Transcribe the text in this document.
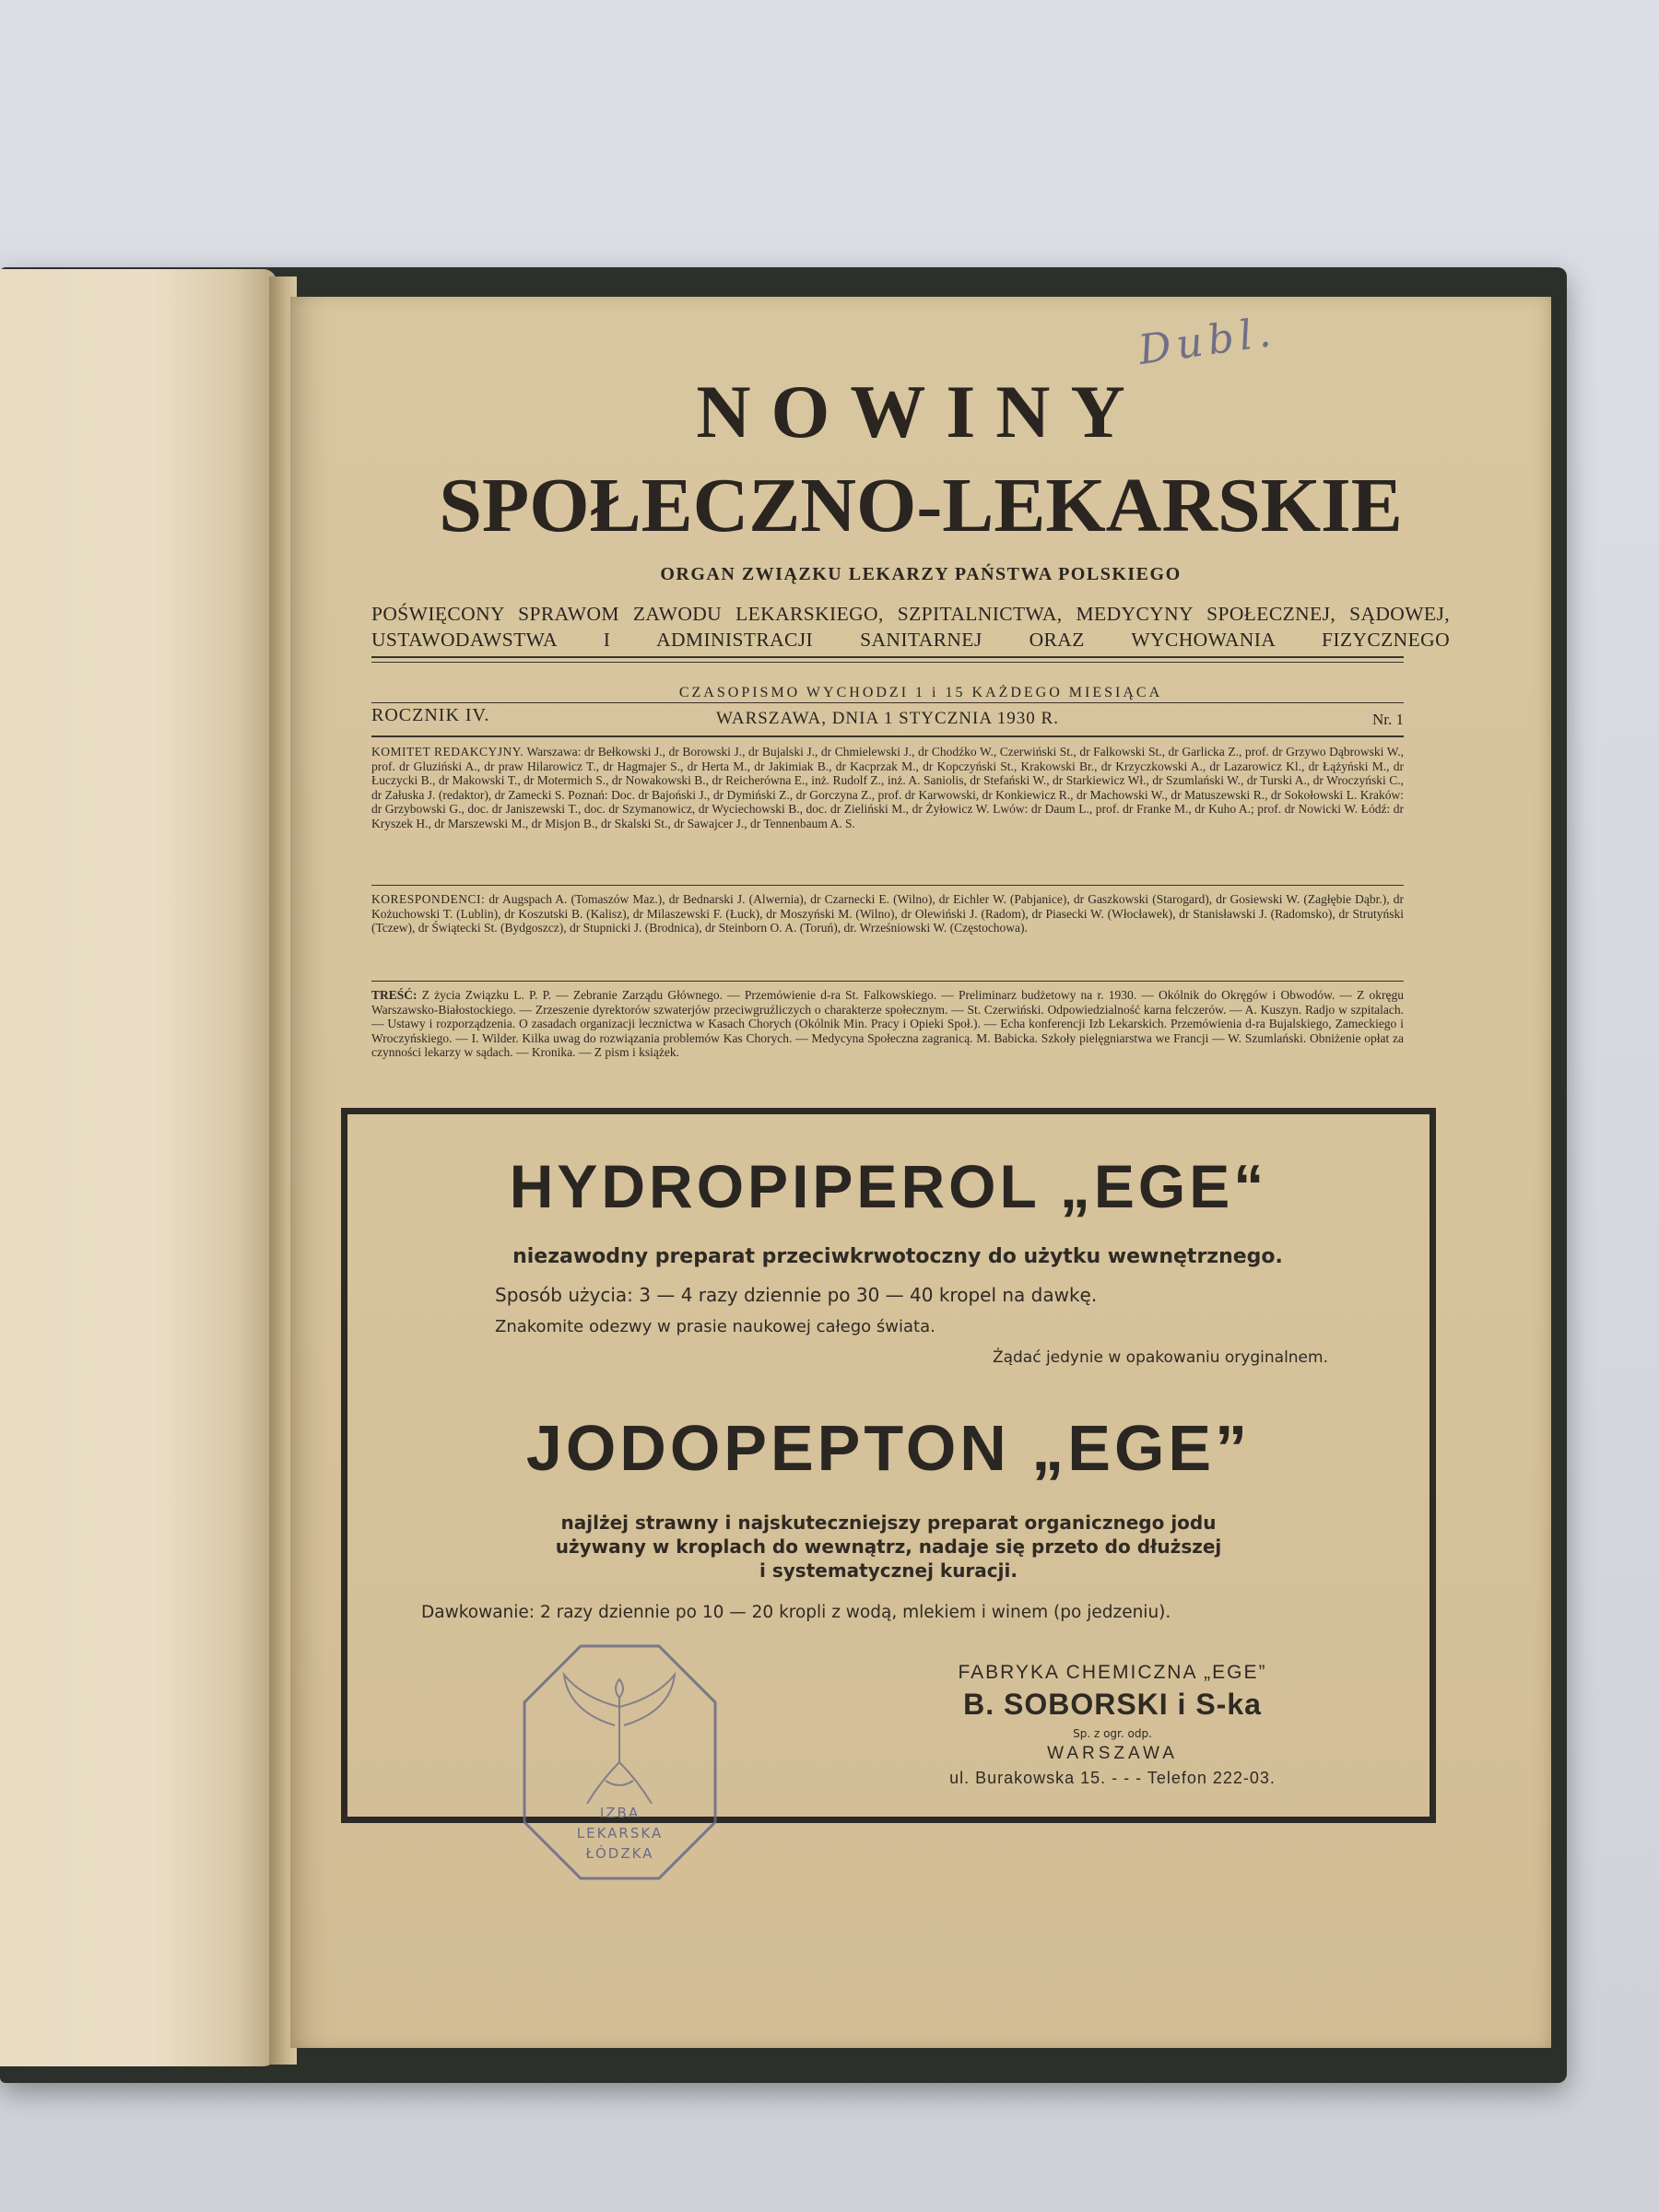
Dubl.
NOWINY
SPOŁECZNO-LEKARSKIE
ORGAN ZWIĄZKU LEKARZY PAŃSTWA POLSKIEGO
POŚWIĘCONY SPRAWOM ZAWODU LEKARSKIEGO, SZPITALNICTWA, MEDYCYNY SPOŁECZNEJ, SĄDOWEJ, USTAWODAWSTWA I ADMINISTRACJI SANITARNEJ ORAZ WYCHOWANIA FIZYCZNEGO
CZASOPISMO WYCHODZI 1 i 15 KAŻDEGO MIESIĄCA
ROCZNIK IV.	WARSZAWA, DNIA 1 STYCZNIA 1930 R.	Nr. 1
KOMITET REDAKCYJNY. Warszawa: dr Bełkowski J., dr Borowski J., dr Bujalski J., dr Chmielewski J., dr Chodźko W., Czerwiński St., dr Falkowski St., dr Garlicka Z., prof. dr Grzywo Dąbrowski W., prof. dr Gluziński A., dr praw Hilarowicz T., dr Hagmajer S., dr Herta M., dr Jakimiak B., dr Kacprzak M., dr Kopczyński St., Krakowski Br., dr Krzyczkowski A., dr Lazarowicz Kl., dr Łążyński M., dr Łuczycki B., dr Makowski T., dr Motermich S., dr Nowakowski B., dr Reicherówna E., inż. Rudolf Z., inż. A. Saniolis, dr Stefański W., dr Starkiewicz Wł., dr Szumlański W., dr Turski A., dr Wroczyński C., dr Załuska J. (redaktor), dr Zamecki S. Poznań: Doc. dr Bajoński J., dr Dymiński Z., dr Gorczyna Z., prof. dr Karwowski, dr Konkiewicz R., dr Machowski W., dr Matuszewski R., dr Sokołowski L. Kraków: dr Grzybowski G., doc. dr Janiszewski T., doc. dr Szymanowicz, dr Wyciechowski B., doc. dr Zieliński M., dr Żyłowicz W. Lwów: dr Daum L., prof. dr Franke M., dr Kuho A.; prof. dr Nowicki W. Łódź: dr Kryszek H., dr Marszewski M., dr Misjon B., dr Skalski St., dr Sawajcer J., dr Tennenbaum A. S.
KORESPONDENCI: dr Augspach A. (Tomaszów Maz.), dr Bednarski J. (Alwernia), dr Czarnecki E. (Wilno), dr Eichler W. (Pabjanice), dr Gaszkowski (Starogard), dr Gosiewski W. (Zagłębie Dąbr.), dr Kożuchowski T. (Lublin), dr Koszutski B. (Kalisz), dr Milaszewski F. (Łuck), dr Moszyński M. (Wilno), dr Olewiński J. (Radom), dr Piasecki W. (Włocławek), dr Stanisławski J. (Radomsko), dr Strutyński (Tczew), dr Świątecki St. (Bydgoszcz), dr Stupnicki J. (Brodnica), dr Steinborn O. A. (Toruń), dr. Wrześniowski W. (Częstochowa).
TREŚĆ: Z życia Związku L. P. P. — Zebranie Zarządu Głównego. — Przemówienie d-ra St. Falkowskiego. — Preliminarz budżetowy na r. 1930. — Okólnik do Okręgów i Obwodów. — Z okręgu Warszawsko-Białostockiego. — Zrzeszenie dyrektorów szwaterjów przeciwgruźliczych o charakterze społecznym. — St. Czerwiński. Odpowiedzialność karna felczerów. — A. Kuszyn. Radjo w szpitalach. — Ustawy i rozporządzenia. O zasadach organizacji lecznictwa w Kasach Chorych (Okólnik Min. Pracy i Opieki Społ.). — Echa konferencji Izb Lekarskich. Przemówienia d-ra Bujalskiego, Zameckiego i Wroczyńskiego. — I. Wilder. Kilka uwag do rozwiązania problemów Kas Chorych. — Medycyna Społeczna zagranicą. M. Babicka. Szkoły pielęgniarstwa we Francji — W. Szumlański. Obniżenie opłat za czynności lekarzy w sądach. — Kronika. — Z pism i książek.
HYDROPIPEROL „EGE“
niezawodny preparat przeciwkrwotoczny do użytku wewnętrznego.
Sposób użycia: 3 — 4 razy dziennie po 30 — 40 kropel na dawkę.
Znakomite odezwy w prasie naukowej całego świata.
Żądać jedynie w opakowaniu oryginalnem.
JODOPEPTON „EGE”
najlżej strawny i najskuteczniejszy preparat organicznego jodu
używany w kroplach do wewnątrz, nadaje się przeto do dłuższej
i systematycznej kuracji.
Dawkowanie: 2 razy dziennie po 10 — 20 kropli z wodą, mlekiem i winem (po jedzeniu).
FABRYKA CHEMICZNA „EGE”
B. SOBORSKI i S-ka
Sp. z ogr. odp.
WARSZAWA
ul. Burakowska 15. - - - Telefon 222-03.
IZBA
LEKARSKA
ŁÓDZKA
